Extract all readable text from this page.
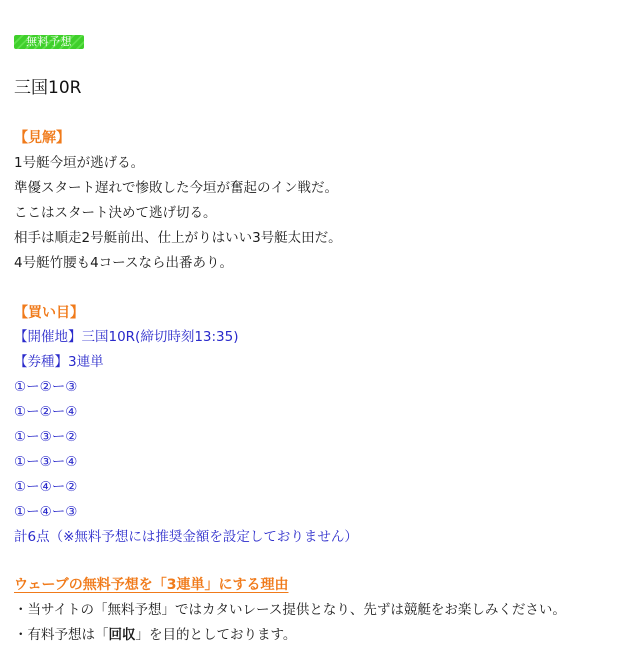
無料予想
三国10R
【見解】
1号艇今垣が逃げる。
準優スタート遅れで惨敗した今垣が奮起のイン戦だ。
ここはスタート決めて逃げ切る。
相手は順走2号艇前出、仕上がりはいい3号艇太田だ。
4号艇竹腰も4コースなら出番あり。
【買い目】
【開催地】三国10R(締切時刻13:35)
【券種】3連単
①ー②ー③
①ー②ー④
①ー③ー②
①ー③ー④
①ー④ー②
①ー④ー③
計6点（※無料予想には推奨金額を設定しておりません）
ウェーブの無料予想を「3連単」にする理由
・当サイトの「無料予想」ではカタいレース提供となり、先ずは競艇をお楽しみください。
・有料予想は「回収」を目的としております。
